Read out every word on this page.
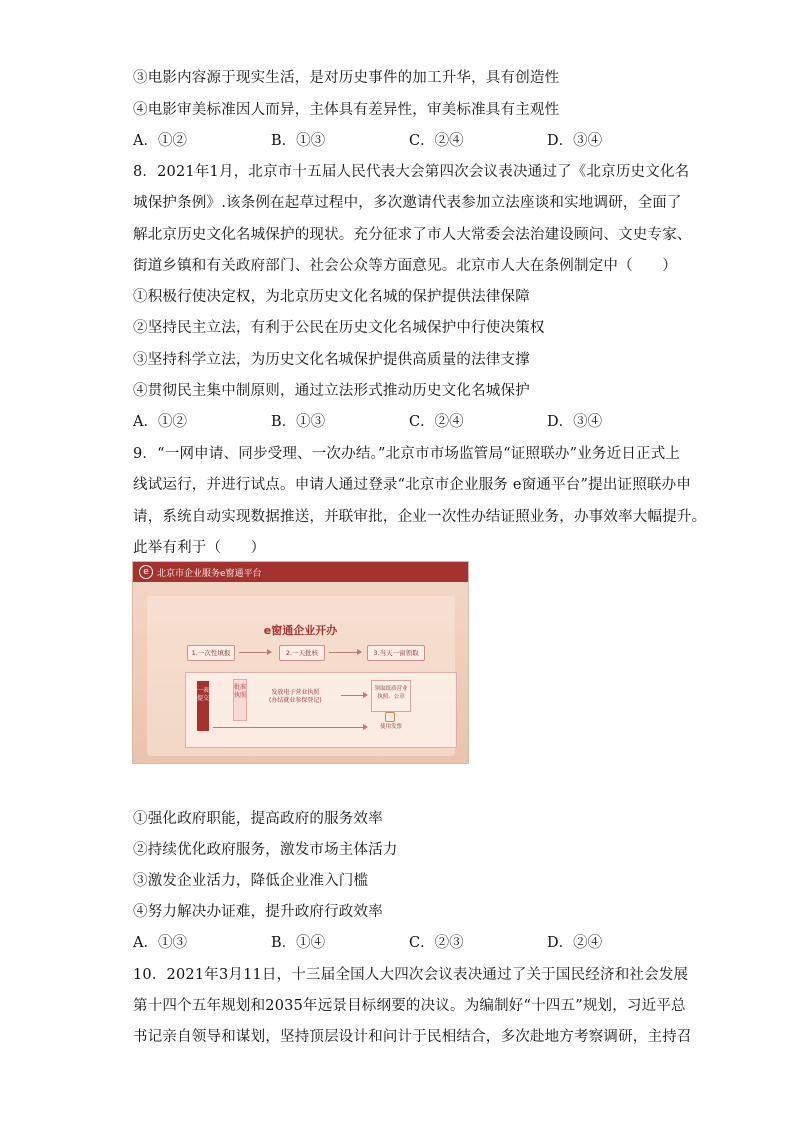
③电影内容源于现实生活，是对历史事件的加工升华，具有创造性
④电影审美标准因人而异，主体具有差异性，审美标准具有主观性
A．①②	B．①③	C．②④	D．③④
8．2021年1月，北京市十五届人民代表大会第四次会议表决通过了《北京历史文化名
城保护条例》.该条例在起草过程中，多次邀请代表参加立法座谈和实地调研，全面了
解北京历史文化名城保护的现状。充分征求了市人大常委会法治建设顾问、文史专家、
街道乡镇和有关政府部门、社会公众等方面意见。北京市人大在条例制定中（　　）
①积极行使决定权，为北京历史文化名城的保护提供法律保障
②坚持民主立法，有利于公民在历史文化名城保护中行使决策权
③坚持科学立法，为历史文化名城保护提供高质量的法律支撑
④贯彻民主集中制原则，通过立法形式推动历史文化名城保护
A．①②	B．①③	C．②④	D．③④
9．“一网申请、同步受理、一次办结。”北京市市场监管局“证照联办”业务近日正式上
线试运行，并进行试点。申请人通过登录“北京市企业服务 e窗通平台”提出证照联办申
请，系统自动实现数据推送，并联审批，企业一次性办结证照业务，办事效率大幅提升。
此举有利于（　　）
e 北京市企业服务e窗通平台
e窗通企业开办
1.一次性填报	2.一天批核	3.当天一窗领取
一表提交
批准执照	发放电子营业执照
(办结就业参保登记)
领取纸质营业执照、公章
使用发票
①强化政府职能，提高政府的服务效率
②持续优化政府服务，激发市场主体活力
③激发企业活力，降低企业准入门槛
④努力解决办证难，提升政府行政效率
A．①③	B．①④	C．②③	D．②④
10．2021年3月11日，十三届全国人大四次会议表决通过了关于国民经济和社会发展
第十四个五年规划和2035年远景目标纲要的决议。为编制好“十四五”规划，习近平总
书记亲自领导和谋划，坚持顶层设计和问计于民相结合，多次赴地方考察调研，主持召
